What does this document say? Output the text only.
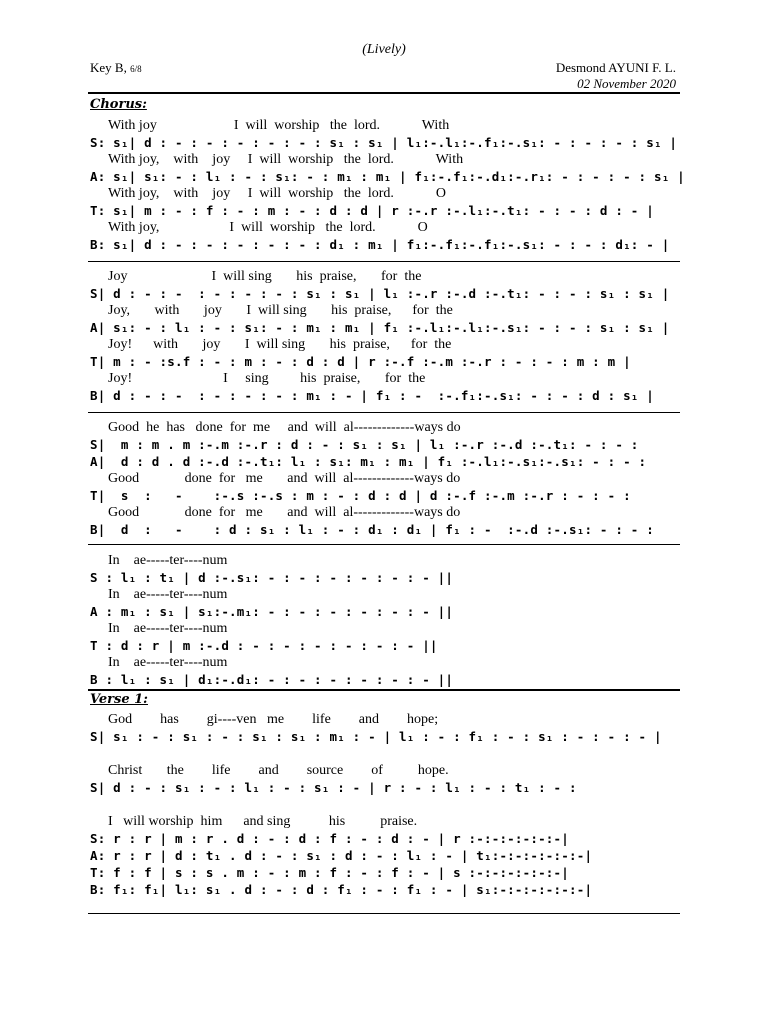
(Lively)
Key B, 6/8	Desmond AYUNI F. L.
02 November 2020
Chorus:
With joy                      I  will  worship   the  lord.            With
S: s₁| d : - : - : - : - : - : s₁ : s₁ | l₁:-.l₁:-.f₁:-.s₁: - : - : - : s₁ |
With joy,    with    joy     I  will  worship   the  lord.            With
A: s₁| s₁: - : l₁ : - : s₁: - : m₁ : m₁ | f₁:-.f₁:-.d₁:-.r₁: - : - : - : s₁ |
With joy,    with    joy     I  will  worship   the  lord.            O
T: s₁| m : - : f : - : m : - : d : d | r :-.r :-.l₁:-.t₁: - : - : d : - |
With joy,                    I  will  worship   the  lord.            O
B: s₁| d : - : - : - : - : - : d₁ : m₁ | f₁:-.f₁:-.f₁:-.s₁: - : - : d₁: - |
Joy                        I  will sing       his  praise,       for  the
S| d : - : -  : - : - : - : s₁ : s₁ | l₁ :-.r :-.d :-.t₁: - : - : s₁ : s₁ |
Joy,       with       joy       I  will sing       his  praise,      for  the
A| s₁: - : l₁ : - : s₁: - : m₁ : m₁ | f₁ :-.l₁:-.l₁:-.s₁: - : - : s₁ : s₁ |
Joy!      with       joy       I  will sing       his  praise,      for  the
T| m : - :s.f : - : m : - : d : d | r :-.f :-.m :-.r : - : - : m : m |
Joy!                          I     sing         his  praise,       for  the
B| d : - : -  : - : - : - : m₁ : - | f₁ : -  :-.f₁:-.s₁: - : - : d : s₁ |
Good  he  has   done  for  me     and  will  al-------------ways do
S|  m : m . m :-.m :-.r : d : - : s₁ : s₁ | l₁ :-.r :-.d :-.t₁: - : - :
A|  d : d . d :-.d :-.t₁: l₁ : s₁: m₁ : m₁ | f₁ :-.l₁:-.s₁:-.s₁: - : - :
Good             done  for   me       and  will  al-------------ways do
T|  s  :   -    :-.s :-.s : m : - : d : d | d :-.f :-.m :-.r : - : - :
Good             done  for   me       and  will  al-------------ways do
B|  d  :   -    : d : s₁ : l₁ : - : d₁ : d₁ | f₁ : -  :-.d :-.s₁: - : - :
In    ae-----ter----num
S : l₁ : t₁ | d :-.s₁: - : - : - : - : - : - ||
In    ae-----ter----num
A : m₁ : s₁ | s₁:-.m₁: - : - : - : - : - : - ||
In    ae-----ter----num
T : d : r | m :-.d : - : - : - : - : - : - ||
In    ae-----ter----num
B : l₁ : s₁ | d₁:-.d₁: - : - : - : - : - : - ||
Verse 1:
God        has        gi----ven   me        life        and        hope;
S| s₁ : - : s₁ : - : s₁ : s₁ : m₁ : - | l₁ : - : f₁ : - : s₁ : - : - : - |
Christ       the        life        and        source        of          hope.
S| d : - : s₁ : - : l₁ : - : s₁ : - | r : - : l₁ : - : t₁ : - :
I   will worship  him      and sing           his          praise.
S: r : r | m : r . d : - : d : f : - : d : - | r :-:-:-:-:-:-|
A: r : r | d : t₁ . d : - : s₁ : d : - : l₁ : - | t₁:-:-:-:-:-:-|
T: f : f | s : s . m : - : m : f : - : f : - | s :-:-:-:-:-:-|
B: f₁: f₁| l₁: s₁ . d : - : d : f₁ : - : f₁ : - | s₁:-:-:-:-:-:-|
